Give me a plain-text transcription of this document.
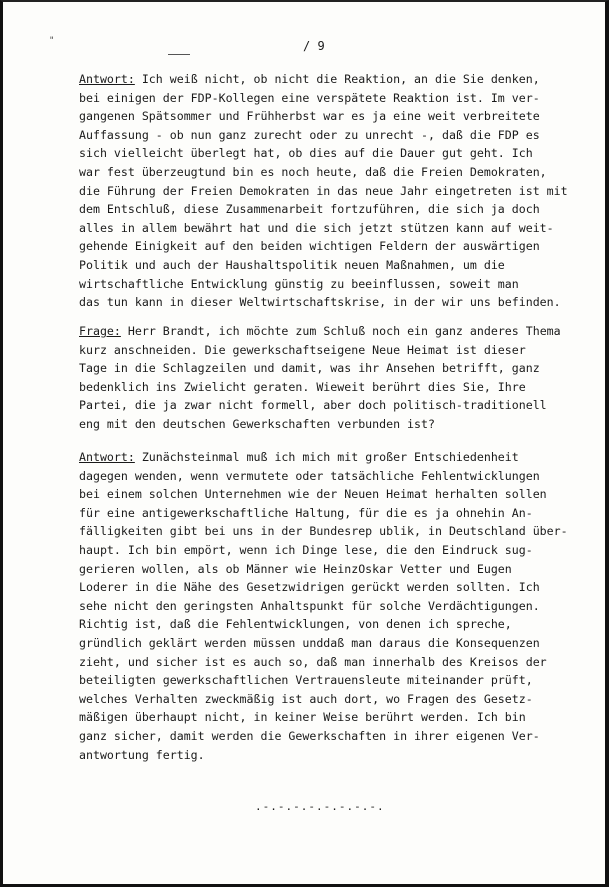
"	/ 9
Antwort: Ich weiß nicht, ob nicht die Reaktion, an die Sie denken,
bei einigen der FDP-Kollegen eine verspätete Reaktion ist. Im ver-
gangenen Spätsommer und Frühherbst war es ja eine weit verbreitete
Auffassung - ob nun ganz zurecht oder zu unrecht -, daß die FDP es
sich vielleicht überlegt hat, ob dies auf die Dauer gut geht. Ich
war fest überzeugtund bin es noch heute, daß die Freien Demokraten,
die Führung der Freien Demokraten in das neue Jahr eingetreten ist mit
dem Entschluß, diese Zusammenarbeit fortzuführen, die sich ja doch
alles in allem bewährt hat und die sich jetzt stützen kann auf weit-
gehende Einigkeit auf den beiden wichtigen Feldern der auswärtigen
Politik und auch der Haushaltspolitik neuen Maßnahmen, um die
wirtschaftliche Entwicklung günstig zu beeinflussen, soweit man
das tun kann in dieser Weltwirtschaftskrise, in der wir uns befinden.
Frage: Herr Brandt, ich möchte zum Schluß noch ein ganz anderes Thema
kurz anschneiden. Die gewerkschaftseigene Neue Heimat ist dieser
Tage in die Schlagzeilen und damit, was ihr Ansehen betrifft, ganz
bedenklich ins Zwielicht geraten. Wieweit berührt dies Sie, Ihre
Partei, die ja zwar nicht formell, aber doch politisch-traditionell
eng mit den deutschen Gewerkschaften verbunden ist?
Antwort: Zunächsteinmal muß ich mich mit großer Entschiedenheit
dagegen wenden, wenn vermutete oder tatsächliche Fehlentwicklungen
bei einem solchen Unternehmen wie der Neuen Heimat herhalten sollen
für eine antigewerkschaftliche Haltung, für die es ja ohnehin An-
fälligkeiten gibt bei uns in der Bundesrep ublik, in Deutschland über-
haupt. Ich bin empört, wenn ich Dinge lese, die den Eindruck sug-
gerieren wollen, als ob Männer wie HeinzOskar Vetter und Eugen
Loderer in die Nähe des Gesetzwidrigen gerückt werden sollten. Ich
sehe nicht den geringsten Anhaltspunkt für solche Verdächtigungen.
Richtig ist, daß die Fehlentwicklungen, von denen ich spreche,
gründlich geklärt werden müssen unddaß man daraus die Konsequenzen
zieht, und sicher ist es auch so, daß man innerhalb des Kreisos der
beteiligten gewerkschaftlichen Vertrauensleute miteinander prüft,
welches Verhalten zweckmäßig ist auch dort, wo Fragen des Gesetz-
mäßigen überhaupt nicht, in keiner Weise berührt werden. Ich bin
ganz sicher, damit werden die Gewerkschaften in ihrer eigenen Ver-
antwortung fertig.
.-.-.-.-.-.-.-.-.
